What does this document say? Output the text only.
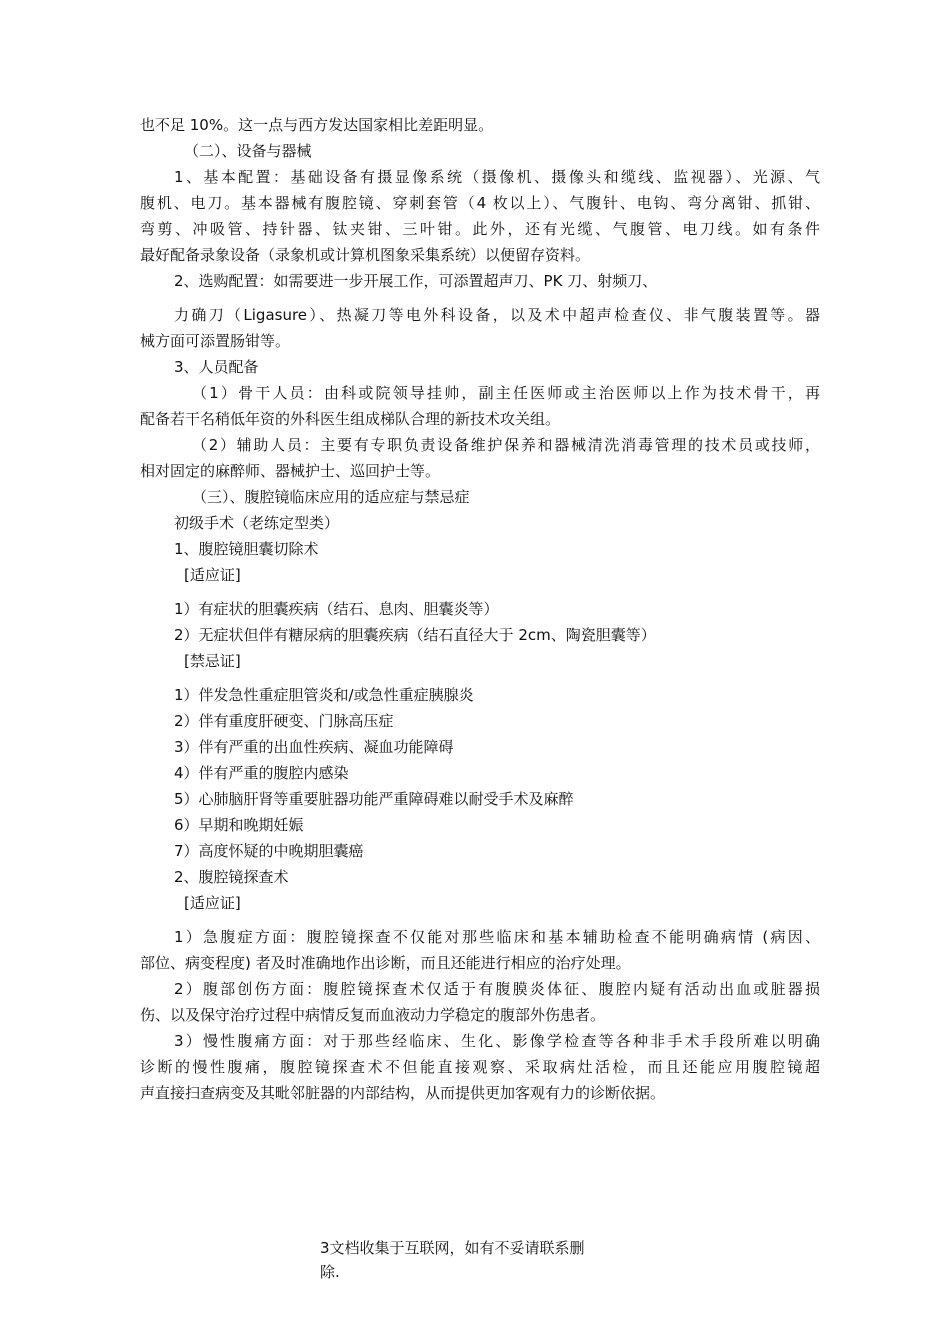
也不足 10%。这一点与西方发达国家相比差距明显。
（二）、设备与器械
1、基本配置：基础设备有摄显像系统（摄像机、摄像头和缆线、监视器）、光源、气
腹机、电刀。基本器械有腹腔镜、穿刺套管（4 枚以上）、气腹针、电钩、弯分离钳、抓钳、
弯剪、冲吸管、持针器、钛夹钳、三叶钳。此外，还有光缆、气腹管、电刀线。如有条件
最好配备录象设备（录象机或计算机图象采集系统）以便留存资料。
2、选购配置：如需要进一步开展工作，可添置超声刀、PK 刀、射频刀、
力确刀（Ligasure）、热凝刀等电外科设备，以及术中超声检查仪、非气腹装置等。器
械方面可添置肠钳等。
3、人员配备
（1）骨干人员：由科或院领导挂帅，副主任医师或主治医师以上作为技术骨干，再
配备若干名稍低年资的外科医生组成梯队合理的新技术攻关组。
（2）辅助人员：主要有专职负责设备维护保养和器械清洗消毒管理的技术员或技师，
相对固定的麻醉师、器械护士、巡回护士等。
（三）、腹腔镜临床应用的适应症与禁忌症
初级手术（老练定型类）
1、腹腔镜胆囊切除术
[适应证]
1）有症状的胆囊疾病（结石、息肉、胆囊炎等）
2）无症状但伴有糖尿病的胆囊疾病（结石直径大于 2cm、陶瓷胆囊等）
[禁忌证]
1）伴发急性重症胆管炎和/或急性重症胰腺炎
2）伴有重度肝硬变、门脉高压症
3）伴有严重的出血性疾病、凝血功能障碍
4）伴有严重的腹腔内感染
5）心肺脑肝肾等重要脏器功能严重障碍难以耐受手术及麻醉
6）早期和晚期妊娠
7）高度怀疑的中晚期胆囊癌
2、腹腔镜探查术
[适应证]
1）急腹症方面：腹腔镜探查不仅能对那些临床和基本辅助检查不能明确病情 (病因、
部位、病变程度) 者及时准确地作出诊断，而且还能进行相应的治疗处理。
2）腹部创伤方面：腹腔镜探查术仅适于有腹膜炎体征、腹腔内疑有活动出血或脏器损
伤、以及保守治疗过程中病情反复而血液动力学稳定的腹部外伤患者。
3）慢性腹痛方面：对于那些经临床、生化、影像学检查等各种非手术手段所难以明确
诊断的慢性腹痛，腹腔镜探查术不但能直接观察、采取病灶活检，而且还能应用腹腔镜超
声直接扫查病变及其毗邻脏器的内部结构，从而提供更加客观有力的诊断依据。
3文档收集于互联网，如有不妥请联系删
除.
